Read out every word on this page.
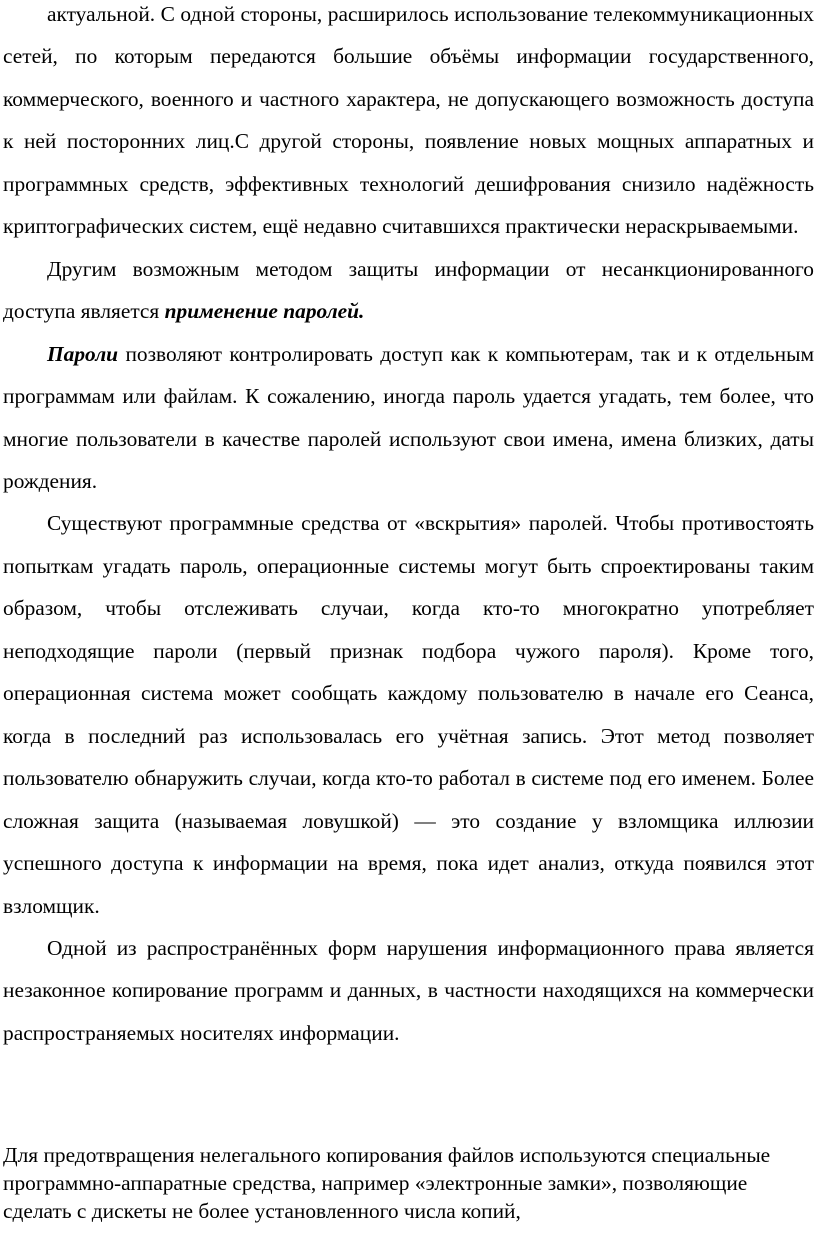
актуальной. С одной стороны, расширилось использование телекоммуникационных сетей, по которым передаются большие объёмы информации государственного, коммерческого, военного и частного характера, не допускающего возможность доступа к ней посторонних лиц.С другой стороны, появление новых мощных аппаратных и программных средств, эффективных технологий дешифрования снизило надёжность криптографических систем, ещё недавно считавшихся практически нераскрываемыми.

Другим возможным методом защиты информации от несанкционированного доступа является применение паролей.

Пароли позволяют контролировать доступ как к компьютерам, так и к отдельным программам или файлам. К сожалению, иногда пароль удается угадать, тем более, что многие пользователи в качестве паролей используют свои имена, имена близких, даты рождения.

Существуют программные средства от «вскрытия» паролей. Чтобы противостоять попыткам угадать пароль, операционные системы могут быть спроектированы таким образом, чтобы отслеживать случаи, когда кто-то многократно употребляет неподходящие пароли (первый признак подбора чужого пароля). Кроме того, операционная система может сообщать каждому пользователю в начале его Сеанса, когда в последний раз использовалась его учётная запись. Этот метод позволяет пользователю обнаружить случаи, когда кто-то работал в системе под его именем. Более сложная защита (называемая ловушкой) — это создание у взломщика иллюзии успешного доступа к информации на время, пока идет анализ, откуда появился этот взломщик.

Одной из распространённых форм нарушения информационного права является незаконное копирование программ и данных, в частности находящихся на коммерчески распространяемых носителях информации.

Для предотвращения нелегального копирования файлов используются специальные программно-аппаратные средства, например «электронные замки», позволяющие сделать с дискеты не более установленного числа копий,
